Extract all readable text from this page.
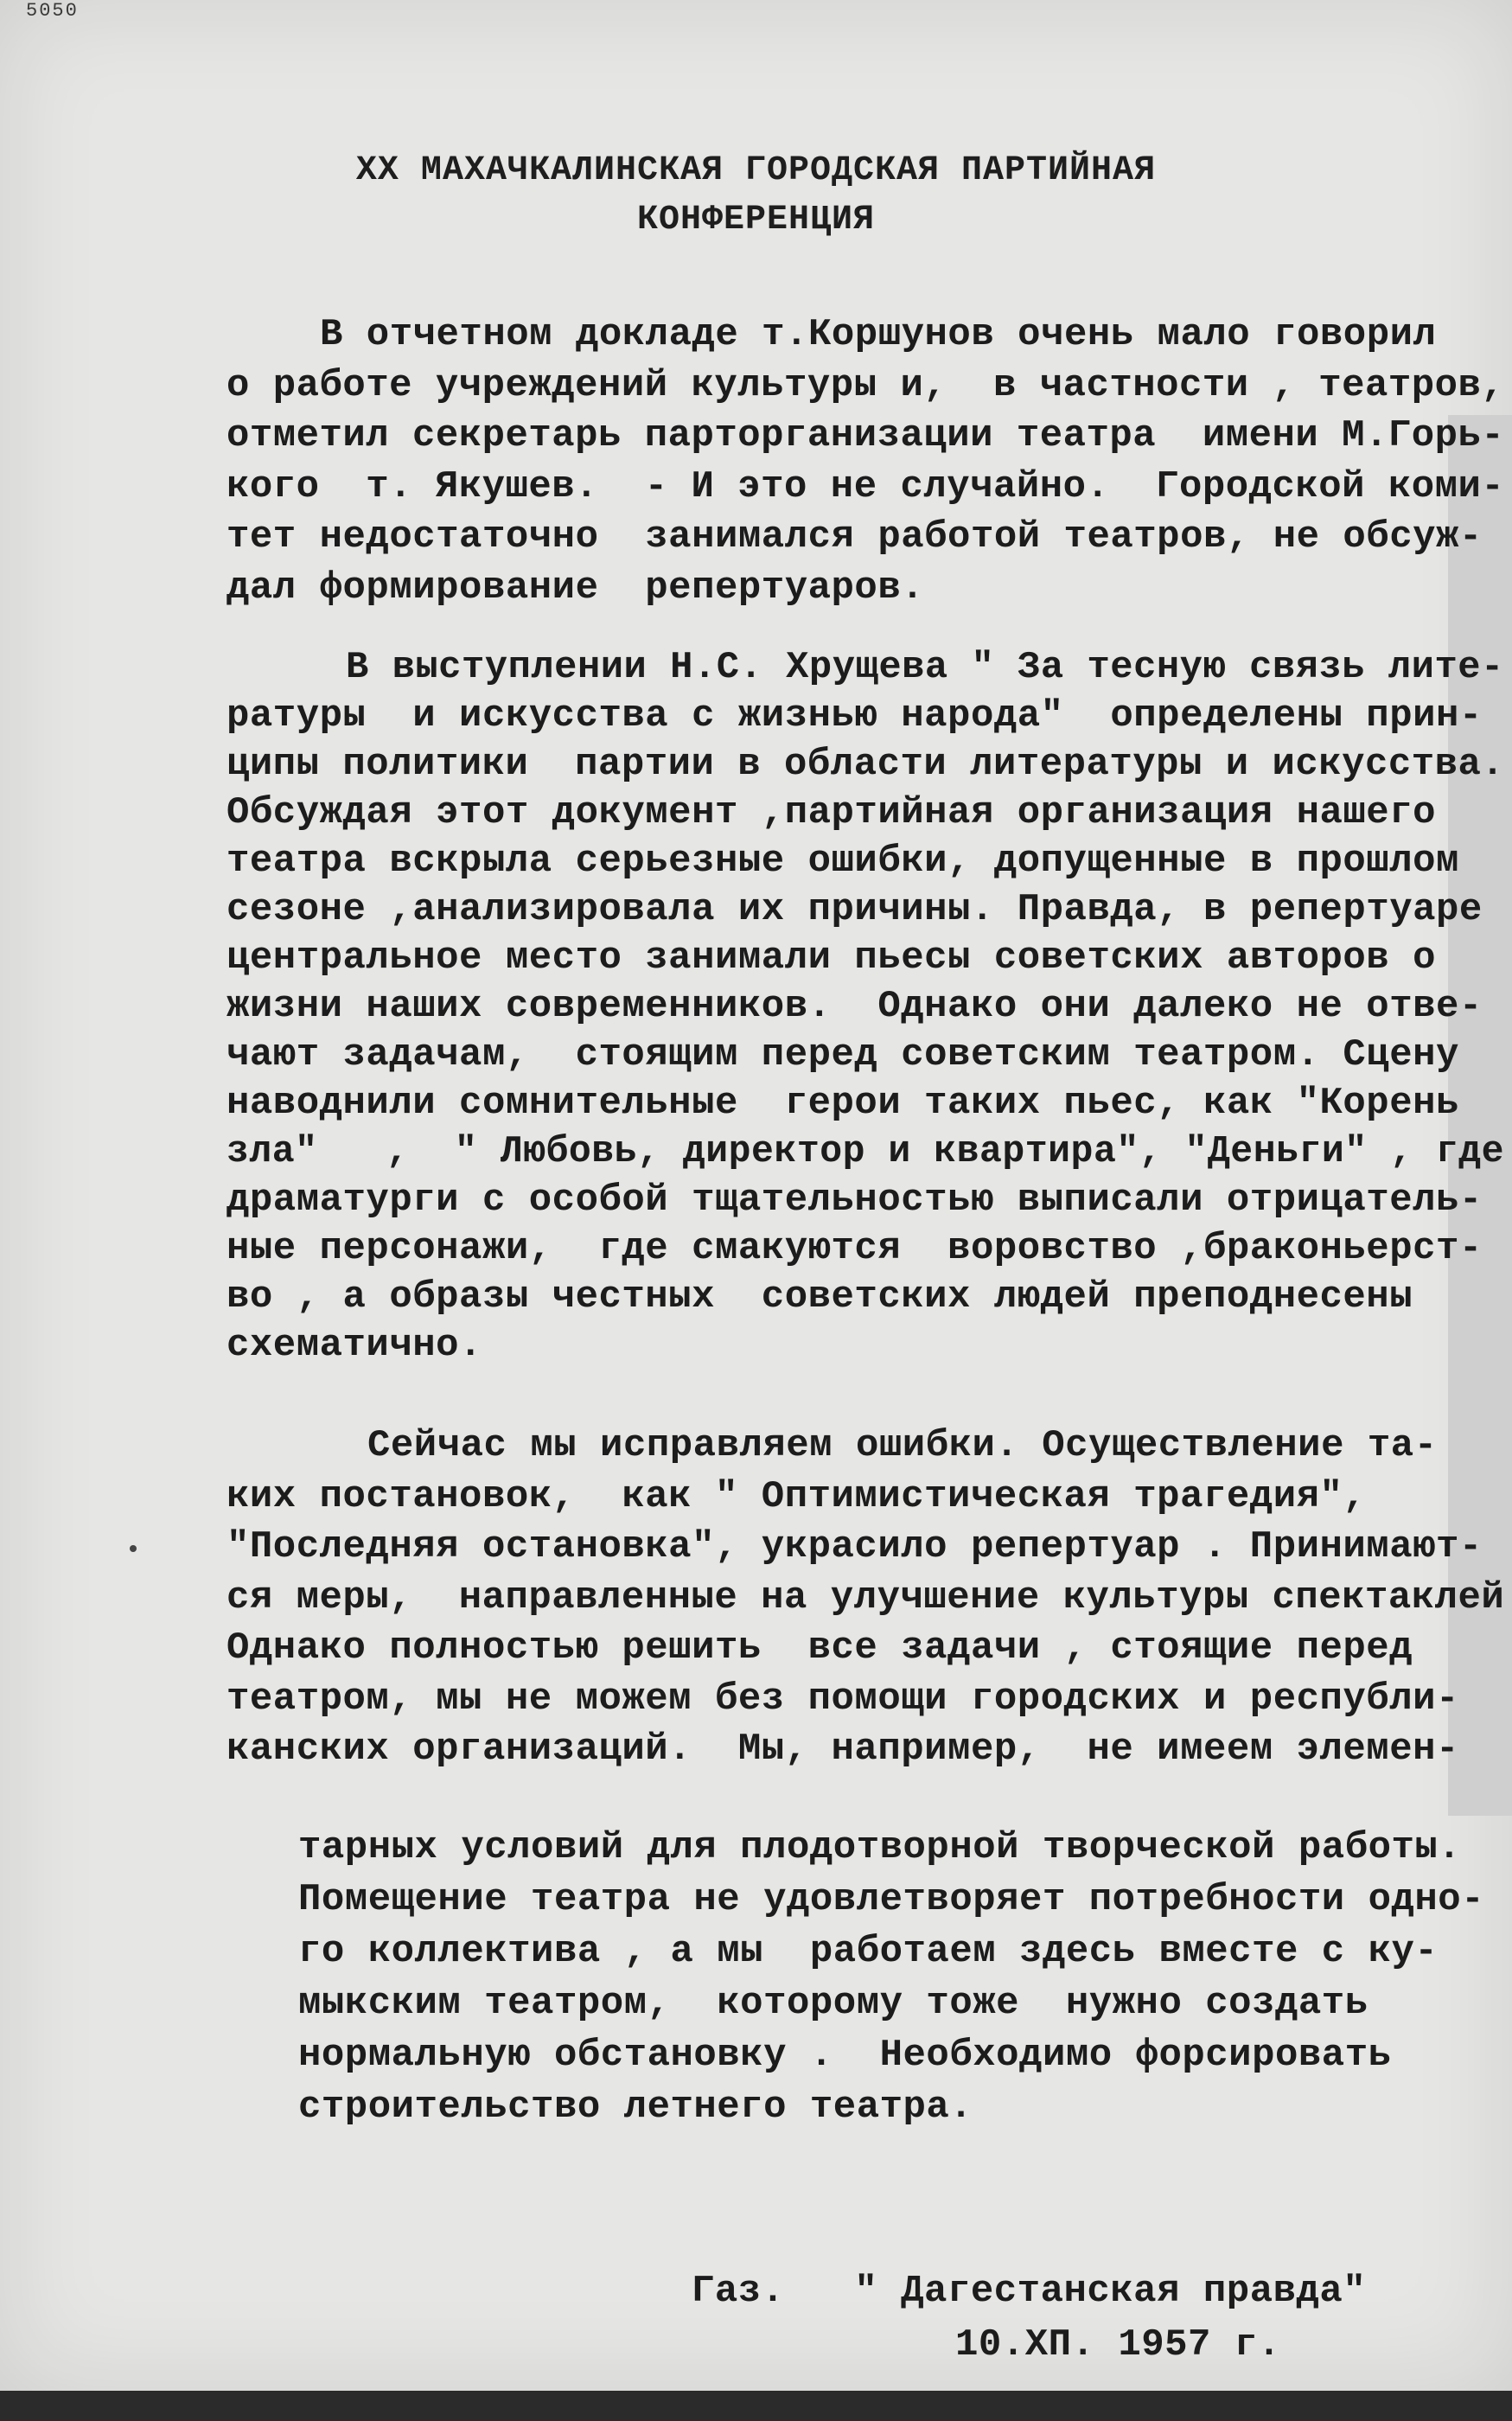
5050
XX МАХАЧКАЛИНСКАЯ ГОРОДСКАЯ ПАРТИЙНАЯ
КОНФЕРЕНЦИЯ
В отчетном докладе т.Коршунов очень мало говорил
о работе учреждений культуры и,  в частности , театров,
отметил секретарь парторганизации театра  имени М.Горь-
кого  т. Якушев.  - И это не случайно.  Городской коми-
тет недостаточно  занимался работой театров, не обсуж-
дал формирование  репертуаров.
В выступлении Н.С. Хрущева " За тесную связь лите-
ратуры  и искусства с жизнью народа"  определены прин-
ципы политики  партии в области литературы и искусства.
Обсуждая этот документ ,партийная организация нашего
театра вскрыла серьезные ошибки, допущенные в прошлом
сезоне ,анализировала их причины. Правда, в репертуаре
центральное место занимали пьесы советских авторов о
жизни наших современников.  Однако они далеко не отве-
чают задачам,  стоящим перед советским театром. Сцену
наводнили сомнительные  герои таких пьес, как "Корень
зла"   ,  " Любовь, директор и квартира", "Деньги" , где
драматурги с особой тщательностью выписали отрицатель-
ные персонажи,  где смакуются  воровство ,браконьерст-
во , а образы честных  советских людей преподнесены
схематично.
Сейчас мы исправляем ошибки. Осуществление та-
ких постановок,  как " Оптимистическая трагедия",
"Последняя остановка", украсило репертуар . Принимают-
ся меры,  направленные на улучшение культуры спектаклей
Однако полностью решить  все задачи , стоящие перед
театром, мы не можем без помощи городских и республи-
канских организаций.  Мы, например,  не имеем элемен-
тарных условий для плодотворной творческой работы.
Помещение театра не удовлетворяет потребности одно-
го коллектива , а мы  работаем здесь вместе с ку-
мыкским театром,  которому тоже  нужно создать
нормальную обстановку .  Необходимо форсировать
строительство летнего театра.
Газ.   " Дагестанская правда"
10.ХП. 1957 г.
